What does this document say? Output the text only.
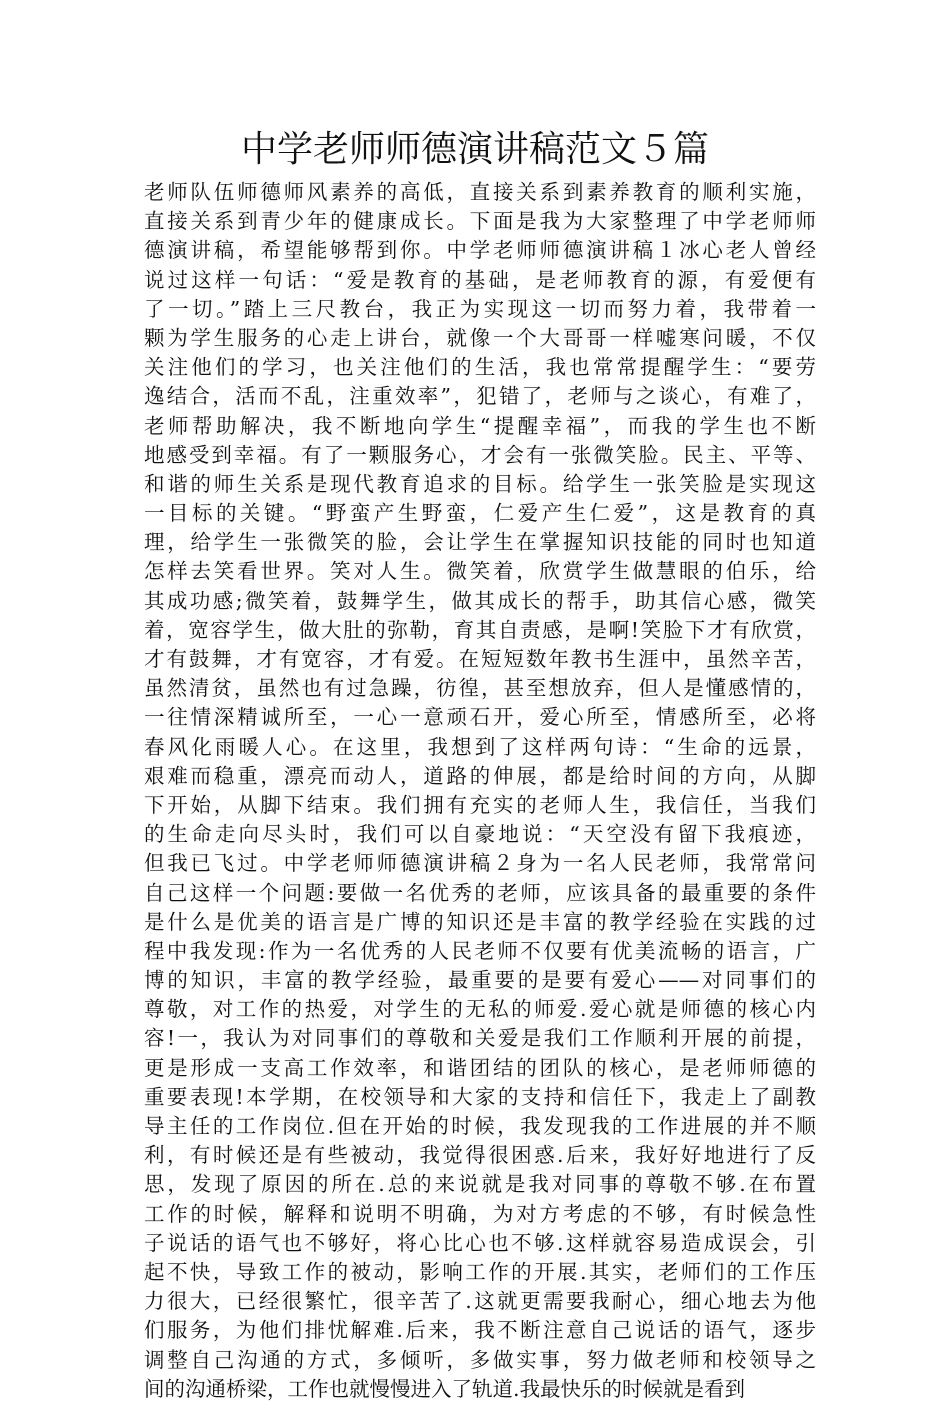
中学老师师德演讲稿范文５篇
老师队伍师德师风素养的高低，直接关系到素养教育的顺利实施，
直接关系到青少年的健康成长。下面是我为大家整理了中学老师师
德演讲稿，希望能够帮到你。中学老师师德演讲稿１冰心老人曾经
说过这样一句话：“爱是教育的基础，是老师教育的源，有爱便有
了一切。”踏上三尺教台，我正为实现这一切而努力着，我带着一
颗为学生服务的心走上讲台，就像一个大哥哥一样嘘寒问暖，不仅
关注他们的学习，也关注他们的生活，我也常常提醒学生：“要劳
逸结合，活而不乱，注重效率”，犯错了，老师与之谈心，有难了，
老师帮助解决，我不断地向学生“提醒幸福”，而我的学生也不断
地感受到幸福。有了一颗服务心，才会有一张微笑脸。民主、平等、
和谐的师生关系是现代教育追求的目标。给学生一张笑脸是实现这
一目标的关键。“野蛮产生野蛮，仁爱产生仁爱”，这是教育的真
理，给学生一张微笑的脸，会让学生在掌握知识技能的同时也知道
怎样去笑看世界。笑对人生。微笑着，欣赏学生做慧眼的伯乐，给
其成功感;微笑着，鼓舞学生，做其成长的帮手，助其信心感，微笑
着，宽容学生，做大肚的弥勒，育其自责感，是啊!笑脸下才有欣赏，
才有鼓舞，才有宽容，才有爱。在短短数年教书生涯中，虽然辛苦，
虽然清贫，虽然也有过急躁，彷徨，甚至想放弃，但人是懂感情的，
一往情深精诚所至，一心一意顽石开，爱心所至，情感所至，必将
春风化雨暖人心。在这里，我想到了这样两句诗：“生命的远景，
艰难而稳重，漂亮而动人，道路的伸展，都是给时间的方向，从脚
下开始，从脚下结束。我们拥有充实的老师人生，我信任，当我们
的生命走向尽头时，我们可以自豪地说：“天空没有留下我痕迹，
但我已飞过。中学老师师德演讲稿２身为一名人民老师，我常常问
自己这样一个问题:要做一名优秀的老师，应该具备的最重要的条件
是什么是优美的语言是广博的知识还是丰富的教学经验在实践的过
程中我发现:作为一名优秀的人民老师不仅要有优美流畅的语言，广
博的知识，丰富的教学经验，最重要的是要有爱心——对同事们的
尊敬，对工作的热爱，对学生的无私的师爱.爱心就是师德的核心内
容!一，我认为对同事们的尊敬和关爱是我们工作顺利开展的前提，
更是形成一支高工作效率，和谐团结的团队的核心，是老师师德的
重要表现!本学期，在校领导和大家的支持和信任下，我走上了副教
导主任的工作岗位.但在开始的时候，我发现我的工作进展的并不顺
利，有时候还是有些被动，我觉得很困惑.后来，我好好地进行了反
思，发现了原因的所在.总的来说就是我对同事的尊敬不够.在布置
工作的时候，解释和说明不明确，为对方考虑的不够，有时候急性
子说话的语气也不够好，将心比心也不够.这样就容易造成误会，引
起不快，导致工作的被动，影响工作的开展.其实，老师们的工作压
力很大，已经很繁忙，很辛苦了.这就更需要我耐心，细心地去为他
们服务，为他们排忧解难.后来，我不断注意自己说话的语气，逐步
调整自己沟通的方式，多倾听，多做实事，努力做老师和校领导之
间的沟通桥梁，工作也就慢慢进入了轨道.我最快乐的时候就是看到
